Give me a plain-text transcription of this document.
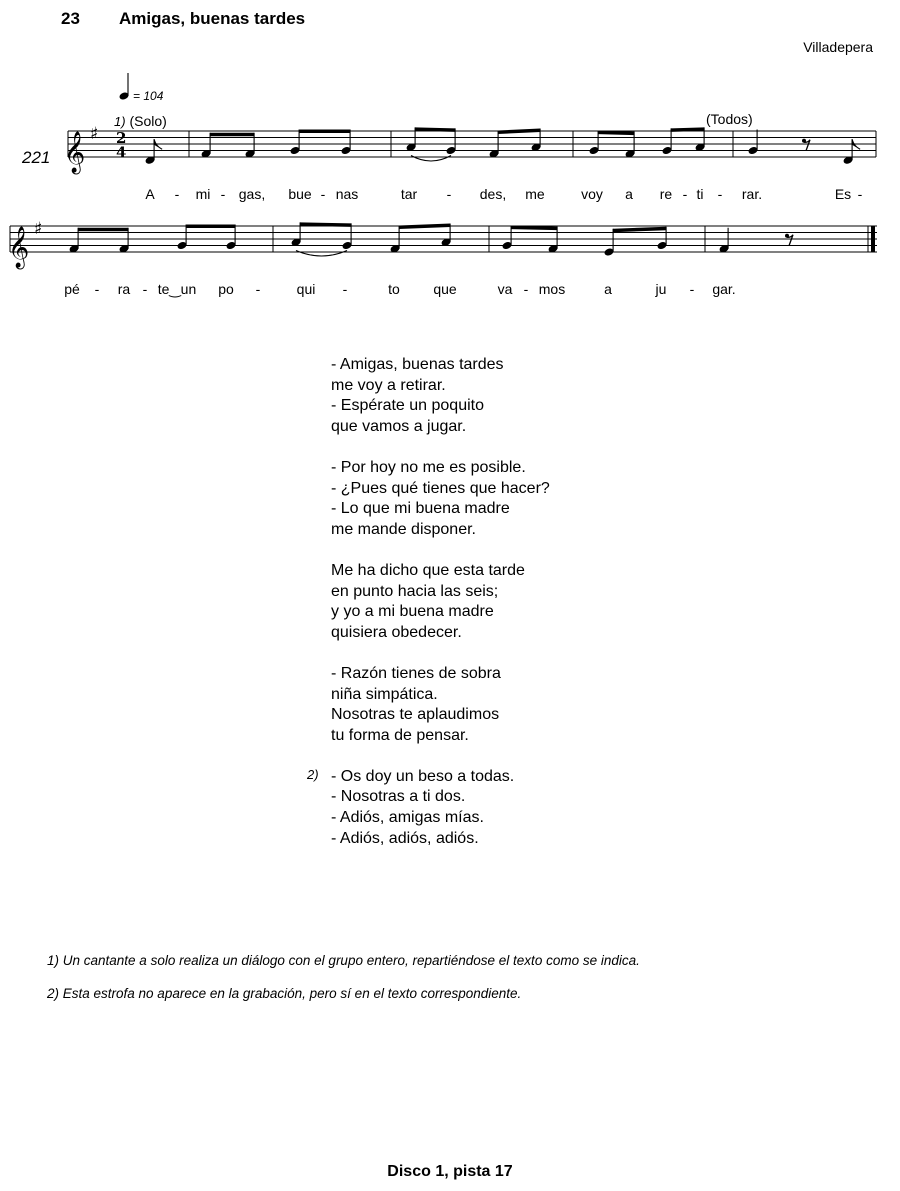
23 Amigas, buenas tardes
Villadepera
𝄞 ♯ 2
4
𝄞 ♯
= 104
1) (Solo)	(Todos)
221
A - mi - gas, bue - nas	tar - des, me	voy a re - ti - rar.	Es -
pé - ra - te‿un po -	qui -	to que	va - mos	a	ju - gar.
- Amigas, buenas tardes
me voy a retirar.
- Espérate un poquito
que vamos a jugar.
- Por hoy no me es posible.
- ¿Pues qué tienes que hacer?
- Lo que mi buena madre
me mande disponer.
Me ha dicho que esta tarde
en punto hacia las seis;
y yo a mi buena madre
quisiera obedecer.
- Razón tienes de sobra
niña simpática.
Nosotras te aplaudimos
tu forma de pensar.
- Os doy un beso a todas.
- Nosotras a ti dos.
- Adiós, amigas mías.
- Adiós, adiós, adiós.
2)
1) Un cantante a solo realiza un diálogo con el grupo entero, repartiéndose el texto como se indica.
2) Esta estrofa no aparece en la grabación, pero sí en el texto correspondiente.
Disco 1, pista 17
